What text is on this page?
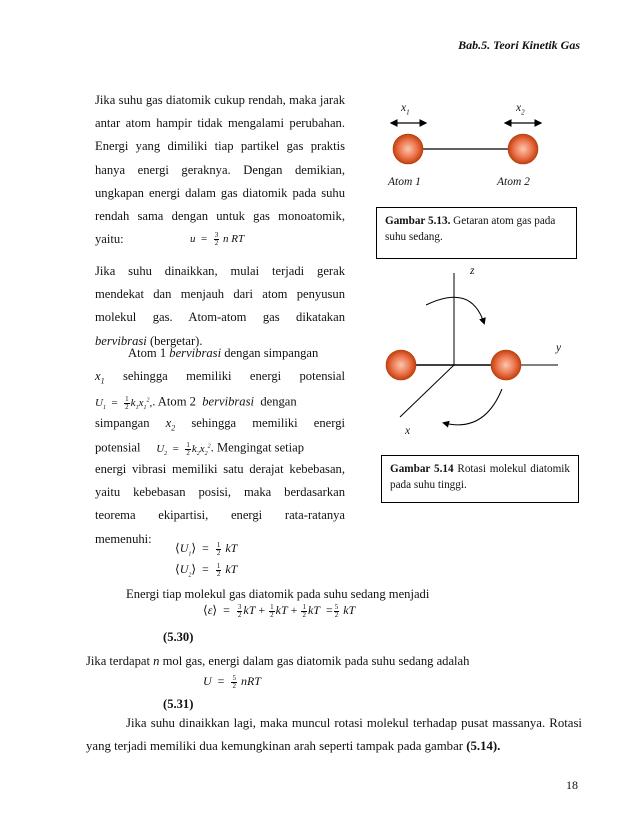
Bab.5. Teori Kinetik Gas
Jika suhu gas diatomik cukup rendah, maka jarak antar atom hampir tidak mengalami perubahan. Energi yang dimiliki tiap partikel gas praktis hanya energi geraknya. Dengan demikian, ungkapan energi dalam gas diatomik pada suhu rendah sama dengan untuk gas monoatomik, yaitu:	$u = \frac{3}{2}$ n RT
Jika suhu dinaikkan, mulai terjadi gerak mendekat dan menjauh dari atom penyusun molekul gas. Atom-atom gas dikatakan bervibrasi (bergetar).
Atom 1 bervibrasi dengan simpangan
$x_1$ sehingga memiliki energi potensial
$U_1 = \frac{1}{2} k_1x_1^2$,. Atom 2 bervibrasi dengan
simpangan $x_2$ sehingga memiliki energi
potensial $U_2 = \frac{1}{2} k_2x_2^2$. Mengingat setiap
energi vibrasi memiliki satu derajat kebebasan, yaitu kebebasan posisi, maka berdasarkan teorema ekipartisi, energi rata-ratanya memenuhi:
$⟨U_1⟩ = \frac{1}{2}$ kT
$⟨U_2⟩ = \frac{1}{2}$ kT
Energi tiap molekul gas diatomik pada suhu sedang menjadi
⟨ε⟩ = $\frac{3}{2}$ kT + $\frac{1}{2}$ kT + $\frac{1}{2}$ kT = $\frac{5}{2}$ kT
(5.30)
Jika terdapat n mol gas, energi dalam gas diatomik pada suhu sedang adalah
$U = \frac{5}{2}$ nRT
(5.31)
Jika suhu dinaikkan lagi, maka muncul rotasi molekul terhadap pusat massanya. Rotasi yang terjadi memiliki dua kemungkinan arah seperti tampak pada gambar (5.14).
18
$x_1$	$x_2$
Atom 1	Atom 2
Gambar 5.13. Getaran atom gas pada suhu sedang.
z
y
x
Gambar 5.14 Rotasi molekul diatomik pada suhu tinggi.
